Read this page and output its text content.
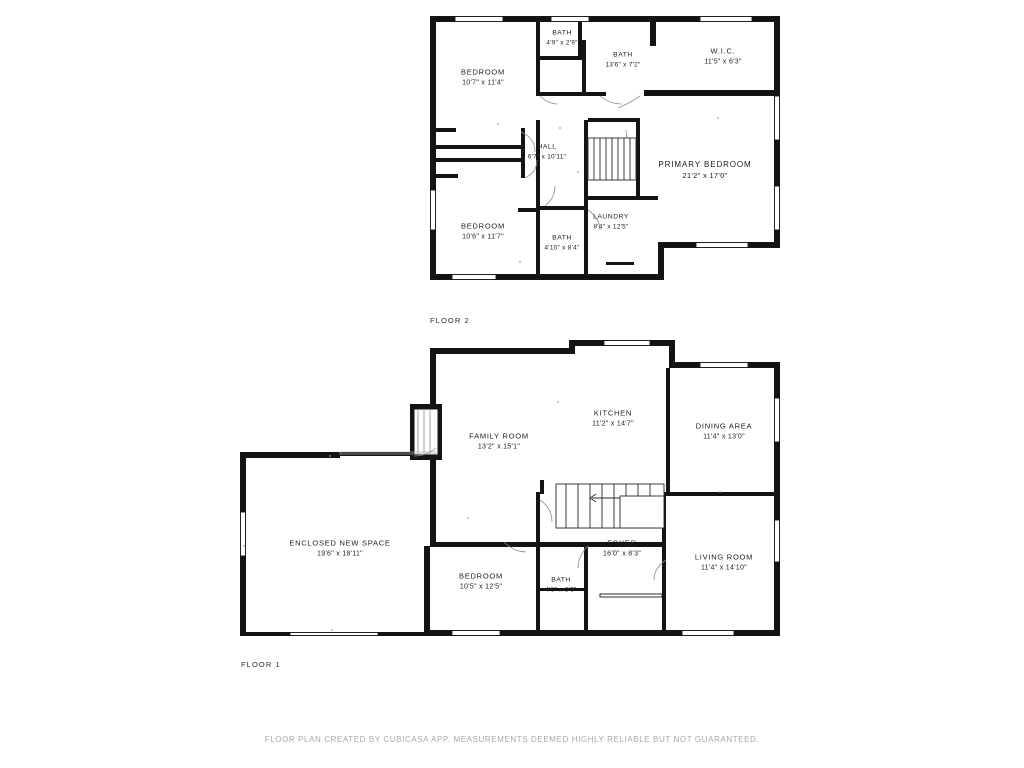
FLOOR 2
FLOOR 1
BEDROOM
10'7" x 11'4"
BATH
4'9" x 2'9"
BATH
13'6" x 7'2"
W.I.C.
11'5" x 6'3"
HALL
6'7" x 10'11"
PRIMARY BEDROOM
21'2" x 17'0"
LAUNDRY
8'4" x 12'5"
BEDROOM
10'6" x 11'7"	BATH
4'10" x 8'4"
KITCHEN
11'2" x 14'7"	DINING AREA
11'4" x 13'0"
FAMILY ROOM
13'2" x 15'1"
ENCLOSED NEW SPACE
19'6" x 18'11"
FOYER
16'0" x 8'3"	LIVING ROOM
11'4" x 14'10"
BEDROOM
10'5" x 12'5"
BATH
4'8" x 8'6"
FLOOR PLAN CREATED BY CUBICASA APP. MEASUREMENTS DEEMED HIGHLY RELIABLE BUT NOT GUARANTEED.
